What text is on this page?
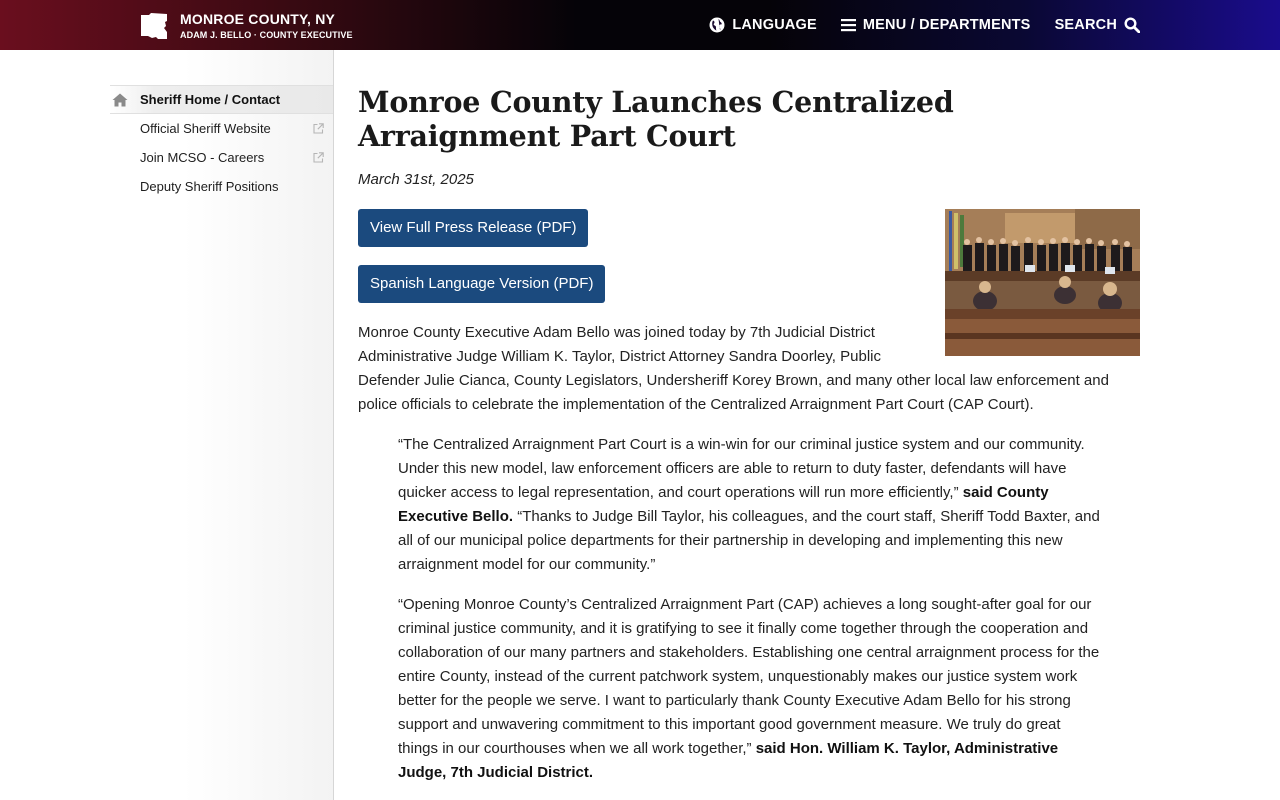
MONROE COUNTY, NY
ADAM J. BELLO · COUNTY EXECUTIVE
LANGUAGE	MENU / DEPARTMENTS SEARCH
Sheriff Home / Contact
Official Sheriff Website
Join MCSO - Careers
Deputy Sheriff Positions
Monroe County Launches Centralized Arraignment Part Court
March 31st, 2025
View Full Press Release (PDF)
Spanish Language Version (PDF)

Monroe County Executive Adam Bello was joined today by 7th Judicial District
Administrative Judge William K. Taylor, District Attorney Sandra Doorley, Public
Defender Julie Cianca, County Legislators, Undersheriff Korey Brown, and many other local law enforcement and police officials to celebrate the implementation of the Centralized Arraignment Part Court (CAP Court).

“The Centralized Arraignment Part Court is a win-win for our criminal justice system and our community. Under this new model, law enforcement officers are able to return to duty faster, defendants will have quicker access to legal representation, and court operations will run more efficiently,” said County Executive Bello. “Thanks to Judge Bill Taylor, his colleagues, and the court staff, Sheriff Todd Baxter, and all of our municipal police departments for their partnership in developing and implementing this new arraignment model for our community.”

“Opening Monroe County’s Centralized Arraignment Part (CAP) achieves a long sought-after goal for our criminal justice community, and it is gratifying to see it finally come together through the cooperation and collaboration of our many partners and stakeholders. Establishing one central arraignment process for the entire County, instead of the current patchwork system, unquestionably makes our justice system work better for the people we serve. I want to particularly thank County Executive Adam Bello for his strong support and unwavering commitment to this important good government measure. We truly do great things in our courthouses when we all work together,” said Hon. William K. Taylor, Administrative Judge, 7th Judicial District.
